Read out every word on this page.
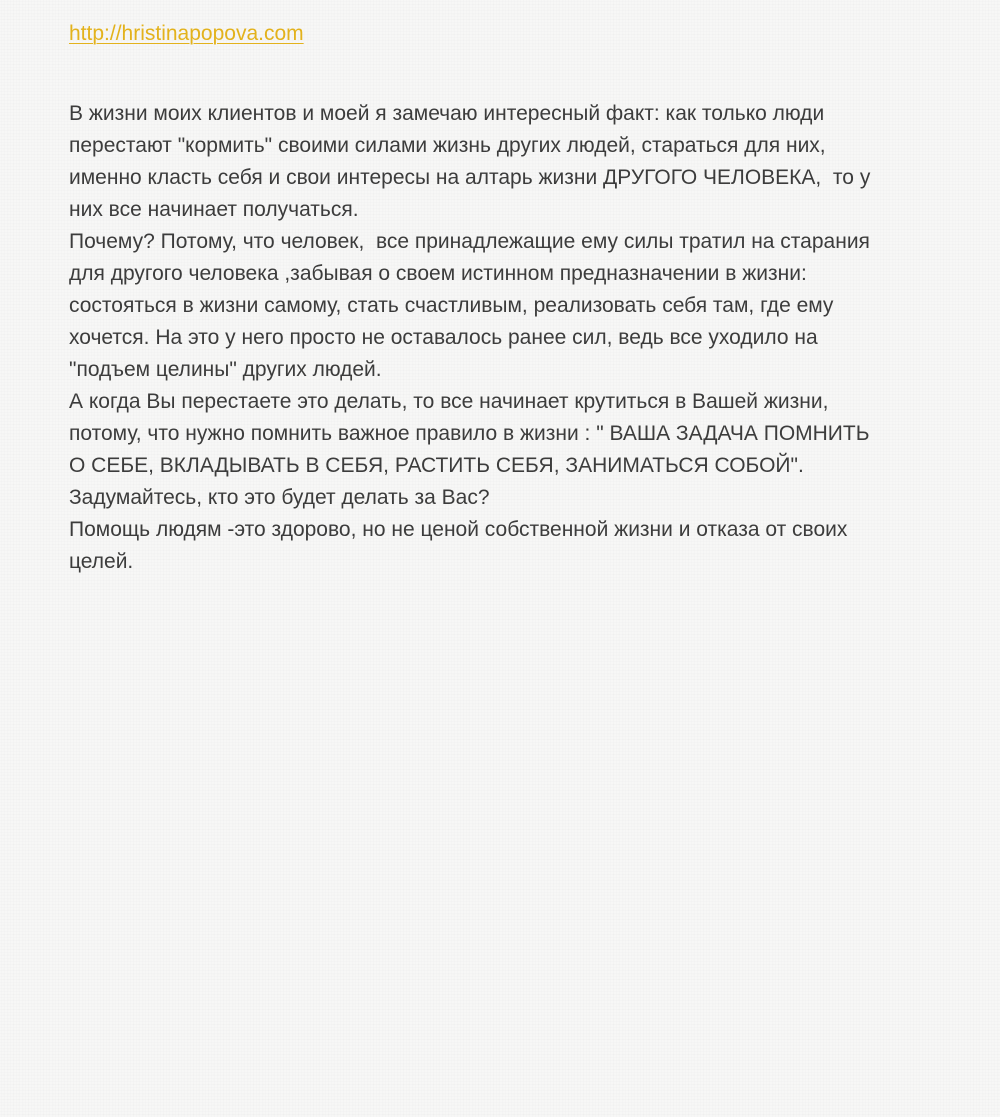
http://hristinapopova.com
В жизни моих клиентов и моей я замечаю интересный факт: как только люди
перестают "кормить" своими силами жизнь других людей, стараться для них,
именно класть себя и свои интересы на алтарь жизни ДРУГОГО ЧЕЛОВЕКА,  то у
них все начинает получаться.
Почему? Потому, что человек,  все принадлежащие ему силы тратил на старания
для другого человека ,забывая о своем истинном предназначении в жизни:
состояться в жизни самому, стать счастливым, реализовать себя там, где ему
хочется. На это у него просто не оставалось ранее сил, ведь все уходило на
"подъем целины" других людей.
А когда Вы перестаете это делать, то все начинает крутиться в Вашей жизни,
потому, что нужно помнить важное правило в жизни : " ВАША ЗАДАЧА ПОМНИТЬ
О СЕБЕ, ВКЛАДЫВАТЬ В СЕБЯ, РАСТИТЬ СЕБЯ, ЗАНИМАТЬСЯ СОБОЙ".
Задумайтесь, кто это будет делать за Вас?
Помощь людям -это здорово, но не ценой собственной жизни и отказа от своих
целей.
